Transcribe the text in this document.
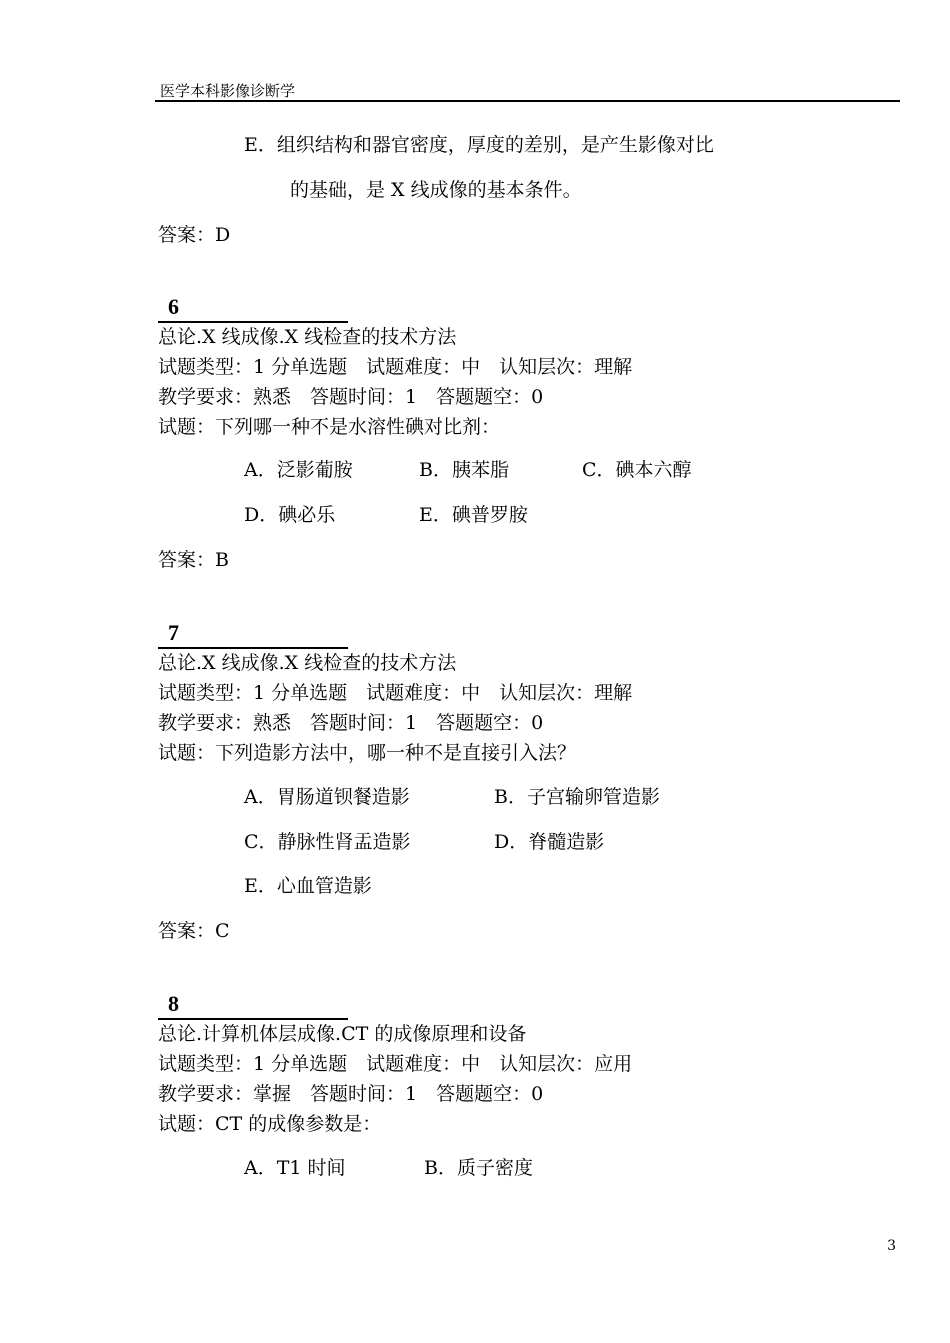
医学本科影像诊断学
E．组织结构和器官密度，厚度的差别，是产生影像对比
的基础，是 X 线成像的基本条件。
答案：D
6
总论.X 线成像.X 线检查的技术方法
试题类型：1 分单选题　试题难度：中　认知层次：理解
教学要求：熟悉　答题时间：1　答题题空：0
试题：下列哪一种不是水溶性碘对比剂：
A．泛影葡胺	B．胰苯脂	C．碘本六醇
D．碘必乐	E．碘普罗胺
答案：B
7
总论.X 线成像.X 线检查的技术方法
试题类型：1 分单选题　试题难度：中　认知层次：理解
教学要求：熟悉　答题时间：1　答题题空：0
试题：下列造影方法中，哪一种不是直接引入法？
A．胃肠道钡餐造影	B．子宫输卵管造影
C．静脉性肾盂造影	D．脊髓造影
E．心血管造影
答案：C
8
总论.计算机体层成像.CT 的成像原理和设备
试题类型：1 分单选题　试题难度：中　认知层次：应用
教学要求：掌握　答题时间：1　答题题空：0
试题：CT 的成像参数是：
A．T1 时间	B．质子密度
3
